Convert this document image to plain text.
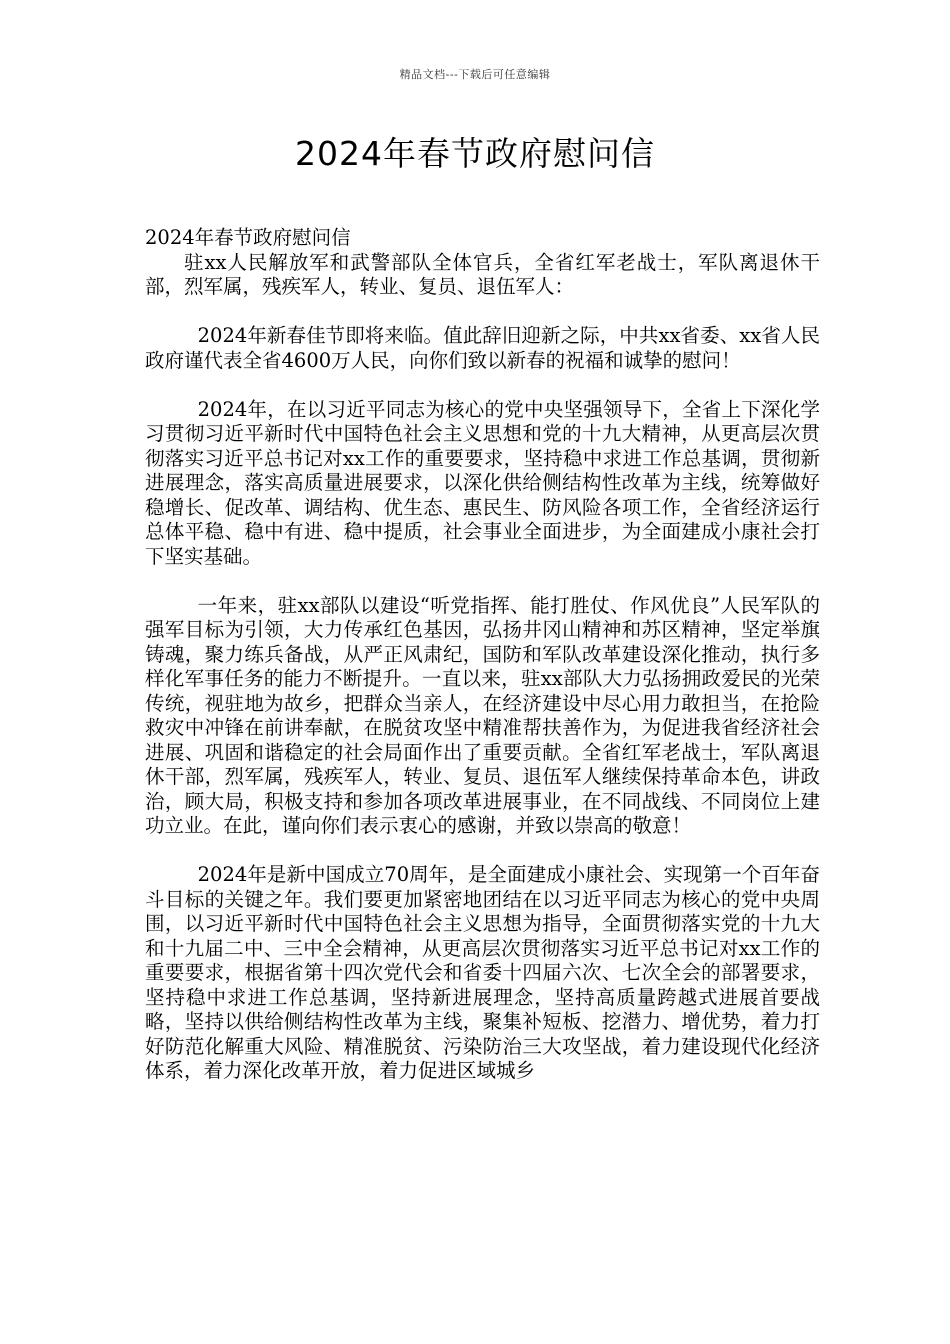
精品文档---下载后可任意编辑
2024年春节政府慰问信

2024年春节政府慰问信

驻xx人民解放军和武警部队全体官兵，全省红军老战士，军队离退休干部，烈军属，残疾军人，转业、复员、退伍军人：

2024年新春佳节即将来临。值此辞旧迎新之际，中共xx省委、xx省人民政府谨代表全省4600万人民，向你们致以新春的祝福和诚挚的慰问！

2024年，在以习近平同志为核心的党中央坚强领导下，全省上下深化学习贯彻习近平新时代中国特色社会主义思想和党的十九大精神，从更高层次贯彻落实习近平总书记对xx工作的重要要求，坚持稳中求进工作总基调，贯彻新进展理念，落实高质量进展要求，以深化供给侧结构性改革为主线，统筹做好稳增长、促改革、调结构、优生态、惠民生、防风险各项工作，全省经济运行总体平稳、稳中有进、稳中提质，社会事业全面进步，为全面建成小康社会打下坚实基础。

一年来，驻xx部队以建设“听党指挥、能打胜仗、作风优良”人民军队的强军目标为引领，大力传承红色基因，弘扬井冈山精神和苏区精神，坚定举旗铸魂，聚力练兵备战，从严正风肃纪，国防和军队改革建设深化推动，执行多样化军事任务的能力不断提升。一直以来，驻xx部队大力弘扬拥政爱民的光荣传统，视驻地为故乡，把群众当亲人，在经济建设中尽心用力敢担当，在抢险救灾中冲锋在前讲奉献，在脱贫攻坚中精准帮扶善作为，为促进我省经济社会进展、巩固和谐稳定的社会局面作出了重要贡献。全省红军老战士，军队离退休干部，烈军属，残疾军人，转业、复员、退伍军人继续保持革命本色，讲政治，顾大局，积极支持和参加各项改革进展事业，在不同战线、不同岗位上建功立业。在此，谨向你们表示衷心的感谢，并致以崇高的敬意！

2024年是新中国成立70周年，是全面建成小康社会、实现第一个百年奋斗目标的关键之年。我们要更加紧密地团结在以习近平同志为核心的党中央周围，以习近平新时代中国特色社会主义思想为指导，全面贯彻落实党的十九大和十九届二中、三中全会精神，从更高层次贯彻落实习近平总书记对xx工作的重要要求，根据省第十四次党代会和省委十四届六次、七次全会的部署要求，坚持稳中求进工作总基调，坚持新进展理念，坚持高质量跨越式进展首要战略，坚持以供给侧结构性改革为主线，聚集补短板、挖潜力、增优势，着力打好防范化解重大风险、精准脱贫、污染防治三大攻坚战，着力建设现代化经济体系，着力深化改革开放，着力促进区域城乡
